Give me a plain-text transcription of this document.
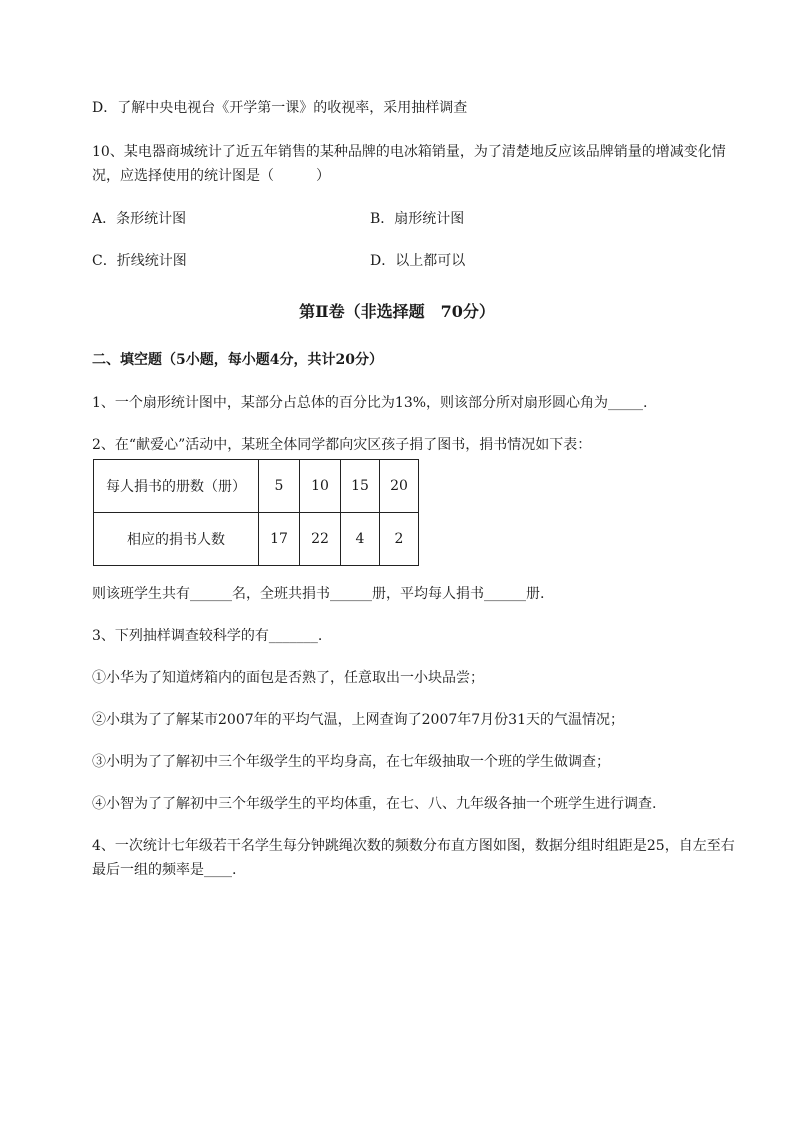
D．了解中央电视台《开学第一课》的收视率，采用抽样调查
10、某电器商城统计了近五年销售的某种品牌的电冰箱销量，为了清楚地反应该品牌销量的增减变化情况，应选择使用的统计图是（　　　）
A．条形统计图	B．扇形统计图
C．折线统计图	D．以上都可以
第Ⅱ卷（非选择题　70分）
二、填空题（5小题，每小题4分，共计20分）
1、一个扇形统计图中，某部分占总体的百分比为13%，则该部分所对扇形圆心角为_____.
2、在“献爱心”活动中，某班全体同学都向灾区孩子捐了图书，捐书情况如下表：
每人捐书的册数（册）	5	10	15	20
相应的捐书人数	17	22	4	2
则该班学生共有______名，全班共捐书______册，平均每人捐书______册.
3、下列抽样调查较科学的有_______.
①小华为了知道烤箱内的面包是否熟了，任意取出一小块品尝；
②小琪为了了解某市2007年的平均气温，上网查询了2007年7月份31天的气温情况；
③小明为了了解初中三个年级学生的平均身高，在七年级抽取一个班的学生做调查；
④小智为了了解初中三个年级学生的平均体重，在七、八、九年级各抽一个班学生进行调查.
4、一次统计七年级若干名学生每分钟跳绳次数的频数分布直方图如图，数据分组时组距是25，自左至右最后一组的频率是____.
